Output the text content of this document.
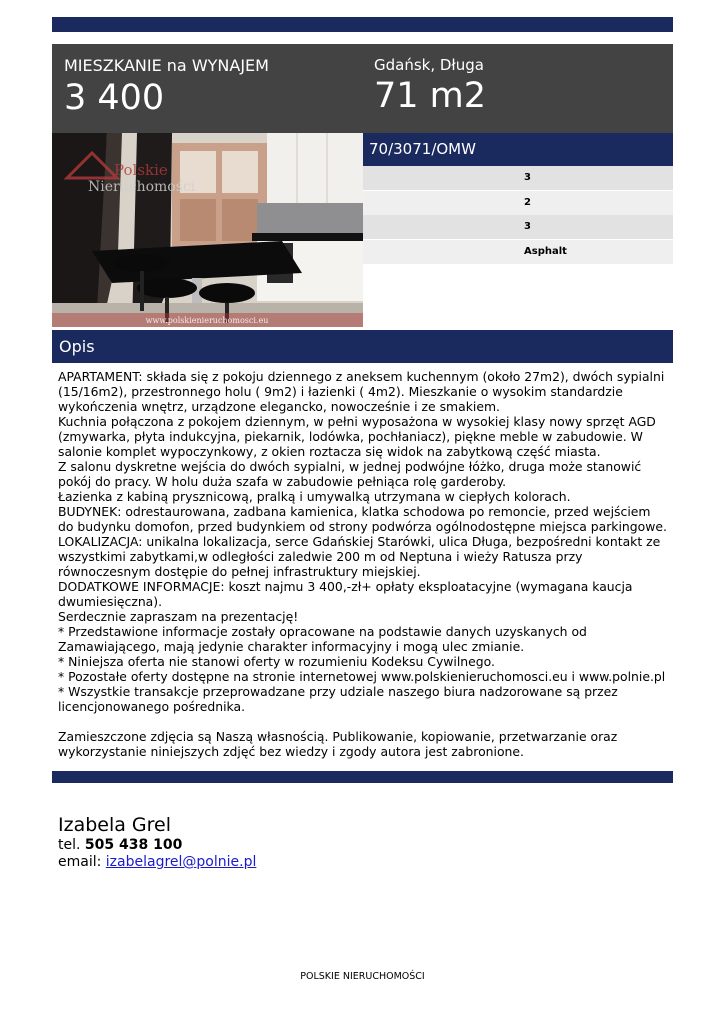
MIESZKANIE na WYNAJEM
3 400
Gdańsk, Długa
71 m2
Polskie
Nieruchomości
www.polskienieruchomosci.eu
70/3071/OMW
3
2
3
Asphalt
Opis

APARTAMENT: składa się z pokoju dziennego z aneksem kuchennym (około 27m2), dwóch sypialni (15/16m2), przestronnego holu ( 9m2) i łazienki ( 4m2). Mieszkanie o wysokim standardzie wykończenia wnętrz, urządzone elegancko, nowocześnie i ze smakiem.

Kuchnia połączona z pokojem dziennym, w pełni wyposażona w wysokiej klasy nowy sprzęt AGD (zmywarka, płyta indukcyjna, piekarnik, lodówka, pochłaniacz), piękne meble w zabudowie. W salonie komplet wypoczynkowy, z okien roztacza się widok na zabytkową część miasta.

Z salonu dyskretne wejścia do dwóch sypialni, w jednej podwójne łóżko, druga może stanowić pokój do pracy. W holu duża szafa w zabudowie pełniąca rolę garderoby.

Łazienka z kabiną prysznicową, pralką i umywalką utrzymana w ciepłych kolorach.

BUDYNEK: odrestaurowana, zadbana kamienica, klatka schodowa po remoncie, przed wejściem do budynku domofon, przed budynkiem od strony podwórza ogólnodostępne miejsca parkingowe.

LOKALIZACJA: unikalna lokalizacja, serce Gdańskiej Starówki, ulica Długa, bezpośredni kontakt ze wszystkimi zabytkami,w odległości zaledwie 200 m od Neptuna i wieży Ratusza przy równoczesnym dostępie do pełnej infrastruktury miejskiej.

DODATKOWE INFORMACJE: koszt najmu 3 400,-zł+ opłaty eksploatacyjne (wymagana kaucja dwumiesięczna).

Serdecznie zapraszam na prezentację!

* Przedstawione informacje zostały opracowane na podstawie danych uzyskanych od Zamawiającego, mają jedynie charakter informacyjny i mogą ulec zmianie.

* Niniejsza oferta nie stanowi oferty w rozumieniu Kodeksu Cywilnego.

* Pozostałe oferty dostępne na stronie internetowej www.polskienieruchomosci.eu i www.polnie.pl

* Wszystkie transakcje przeprowadzane przy udziale naszego biura nadzorowane są przez licencjonowanego pośrednika.

Zamieszczone zdjęcia są Naszą własnością. Publikowanie, kopiowanie, przetwarzanie oraz wykorzystanie niniejszych zdjęć bez wiedzy i zgody autora jest zabronione.

Izabela Grel
tel. 505 438 100
email: izabelagrel@polnie.pl
POLSKIE NIERUCHOMOŚCI
